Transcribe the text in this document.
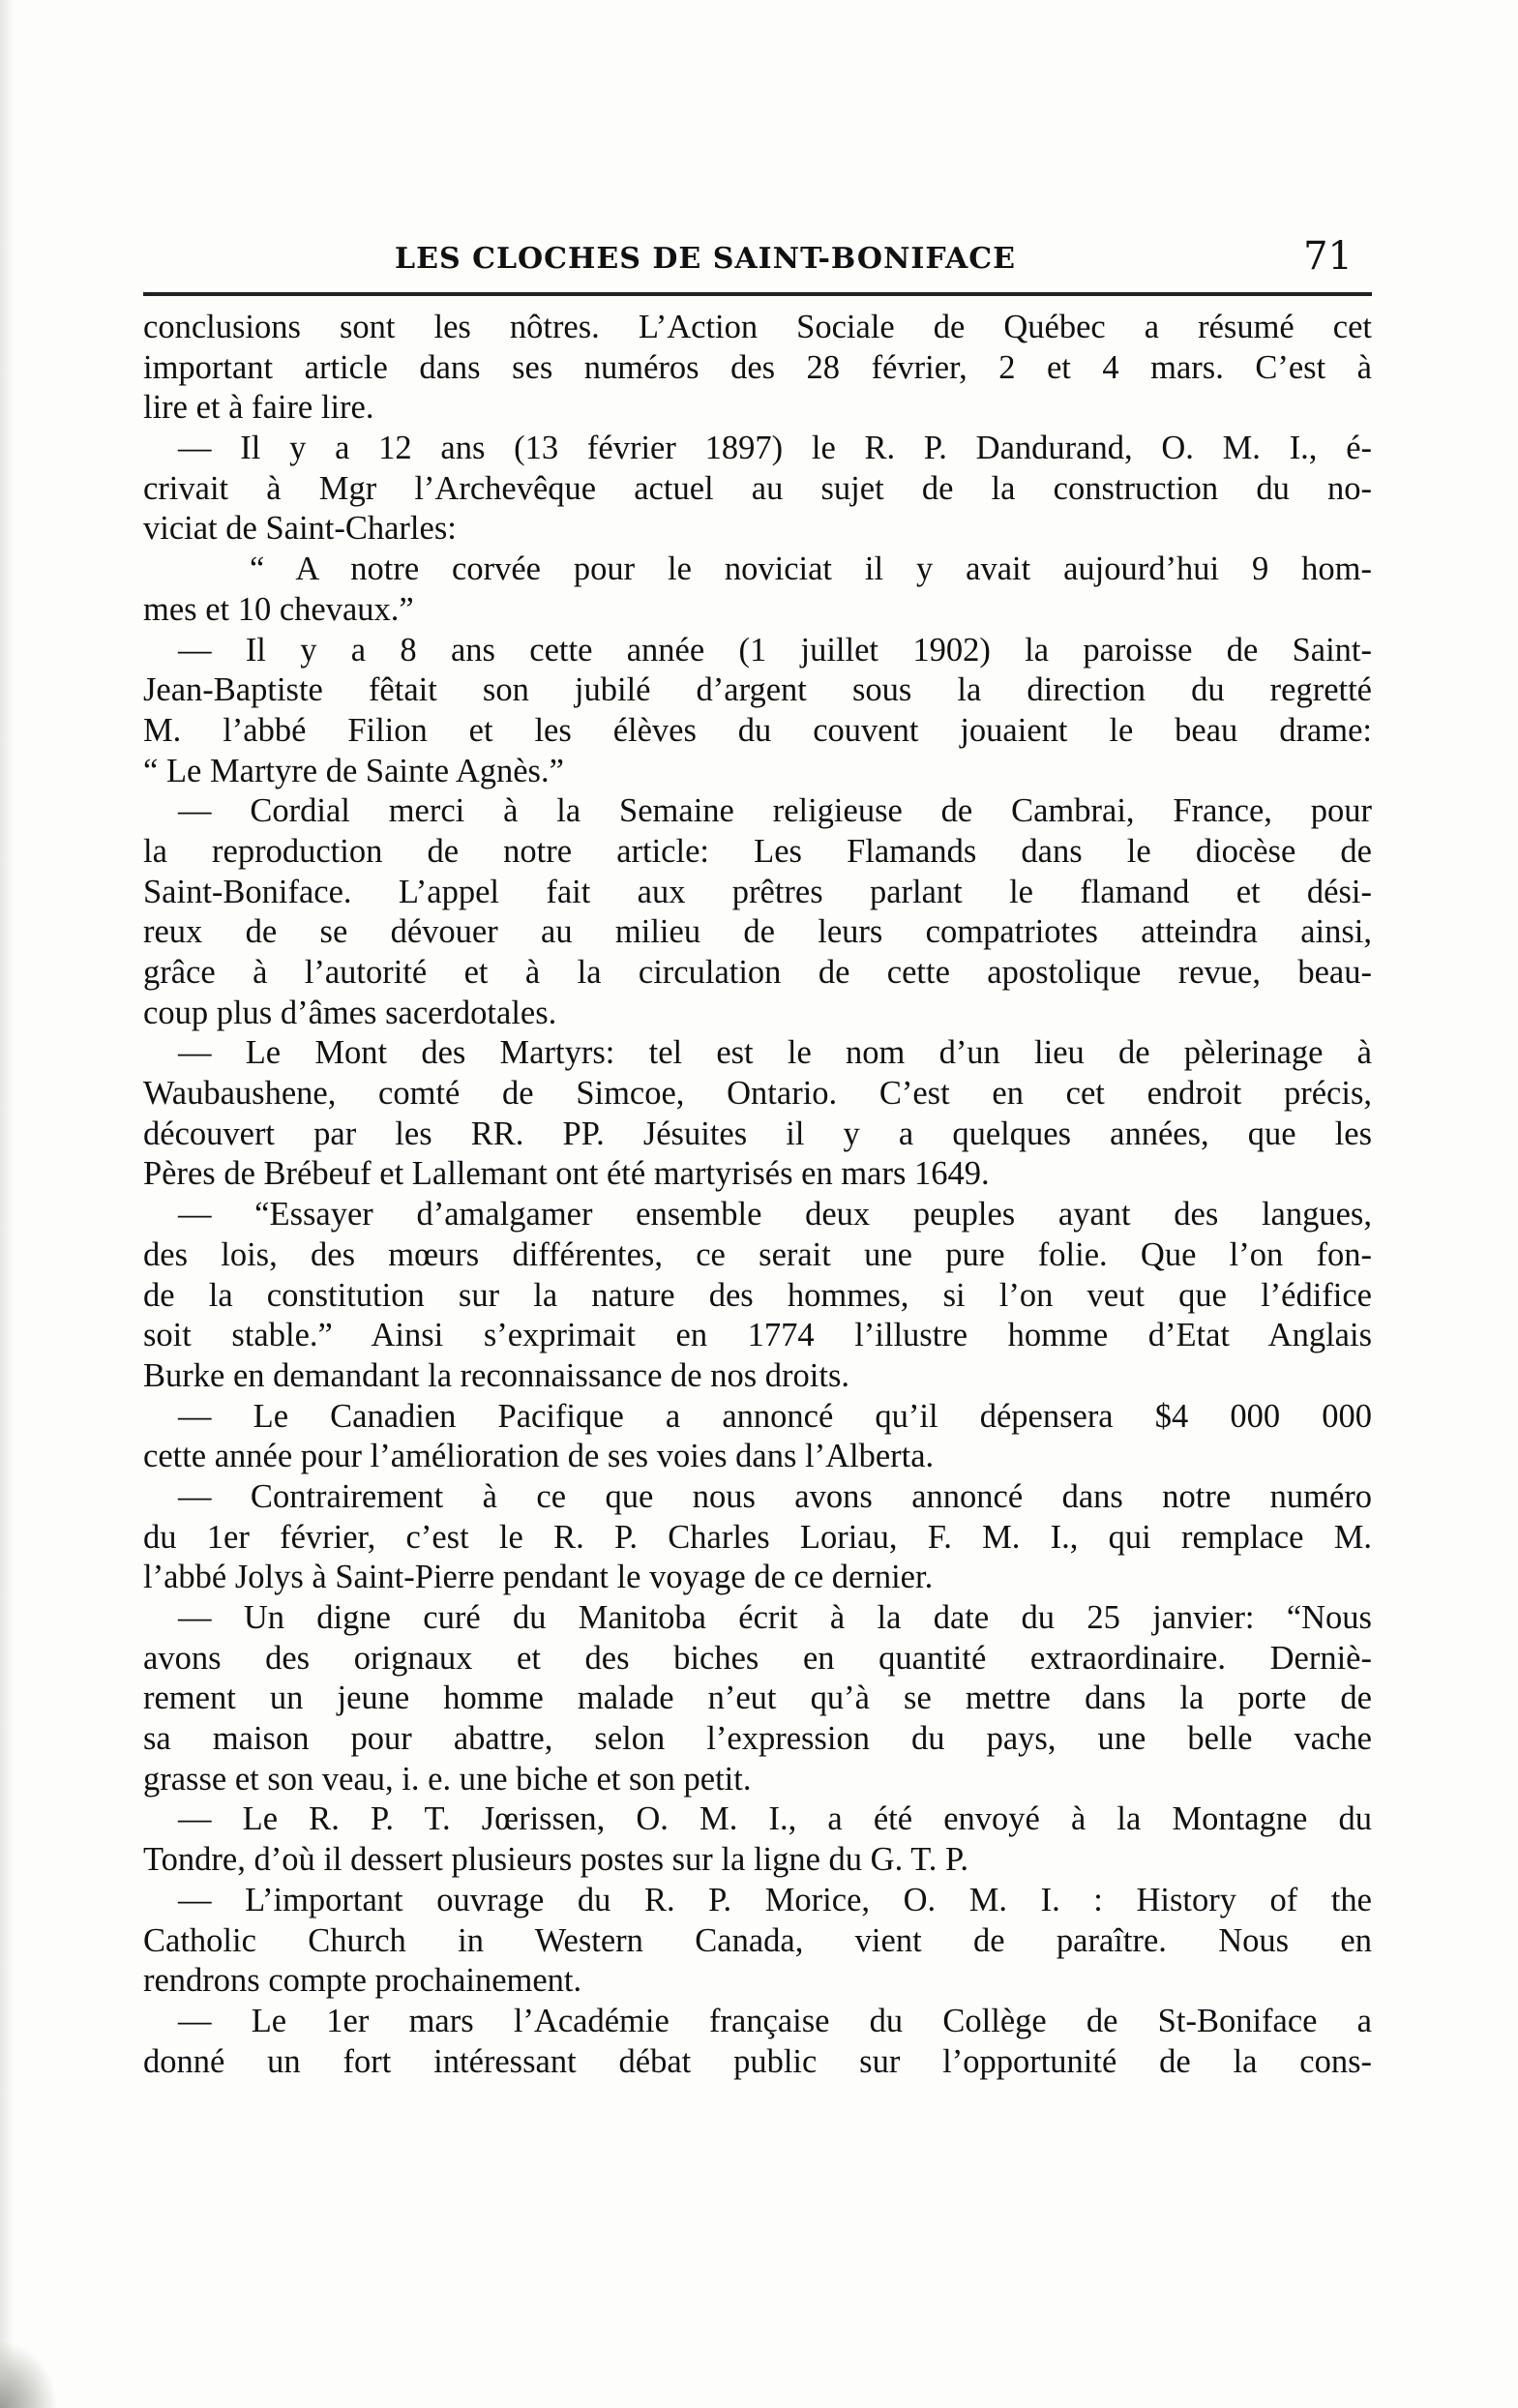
LES CLOCHES DE SAINT-BONIFACE	71
conclusions sont les nôtres. L’Action Sociale de Québec a résumé cet
important article dans ses numéros des 28 février, 2 et 4 mars. C’est à
lire et à faire lire.
— Il y a 12 ans (13 février 1897) le R. P. Dandurand, O. M. I., é-
crivait à Mgr l’Archevêque actuel au sujet de la construction du no-
viciat de Saint-Charles:
“ A notre corvée pour le noviciat il y avait aujourd’hui 9 hom-
mes et 10 chevaux.”
— Il y a 8 ans cette année (1 juillet 1902) la paroisse de Saint-
Jean-Baptiste fêtait son jubilé d’argent sous la direction du regretté
M. l’abbé Filion et les élèves du couvent jouaient le beau drame:
“ Le Martyre de Sainte Agnès.”
— Cordial merci à la Semaine religieuse de Cambrai, France, pour
la reproduction de notre article: Les Flamands dans le diocèse de
Saint-Boniface. L’appel fait aux prêtres parlant le flamand et dési-
reux de se dévouer au milieu de leurs compatriotes atteindra ainsi,
grâce à l’autorité et à la circulation de cette apostolique revue, beau-
coup plus d’âmes sacerdotales.
— Le Mont des Martyrs: tel est le nom d’un lieu de pèlerinage à
Waubaushene, comté de Simcoe, Ontario. C’est en cet endroit précis,
découvert par les RR. PP. Jésuites il y a quelques années, que les
Pères de Brébeuf et Lallemant ont été martyrisés en mars 1649.
— “Essayer d’amalgamer ensemble deux peuples ayant des langues,
des lois, des mœurs différentes, ce serait une pure folie. Que l’on fon-
de la constitution sur la nature des hommes, si l’on veut que l’édifice
soit stable.” Ainsi s’exprimait en 1774 l’illustre homme d’Etat Anglais
Burke en demandant la reconnaissance de nos droits.
— Le Canadien Pacifique a annoncé qu’il dépensera $4 000 000
cette année pour l’amélioration de ses voies dans l’Alberta.
— Contrairement à ce que nous avons annoncé dans notre numéro
du 1er février, c’est le R. P. Charles Loriau, F. M. I., qui remplace M.
l’abbé Jolys à Saint-Pierre pendant le voyage de ce dernier.
— Un digne curé du Manitoba écrit à la date du 25 janvier: “Nous
avons des orignaux et des biches en quantité extraordinaire. Derniè-
rement un jeune homme malade n’eut qu’à se mettre dans la porte de
sa maison pour abattre, selon l’expression du pays, une belle vache
grasse et son veau, i. e. une biche et son petit.
— Le R. P. T. Jœrissen, O. M. I., a été envoyé à la Montagne du
Tondre, d’où il dessert plusieurs postes sur la ligne du G. T. P.
— L’important ouvrage du R. P. Morice, O. M. I. : History of the
Catholic Church in Western Canada, vient de paraître. Nous en
rendrons compte prochainement.
— Le 1er mars l’Académie française du Collège de St-Boniface a
donné un fort intéressant débat public sur l’opportunité de la cons-
